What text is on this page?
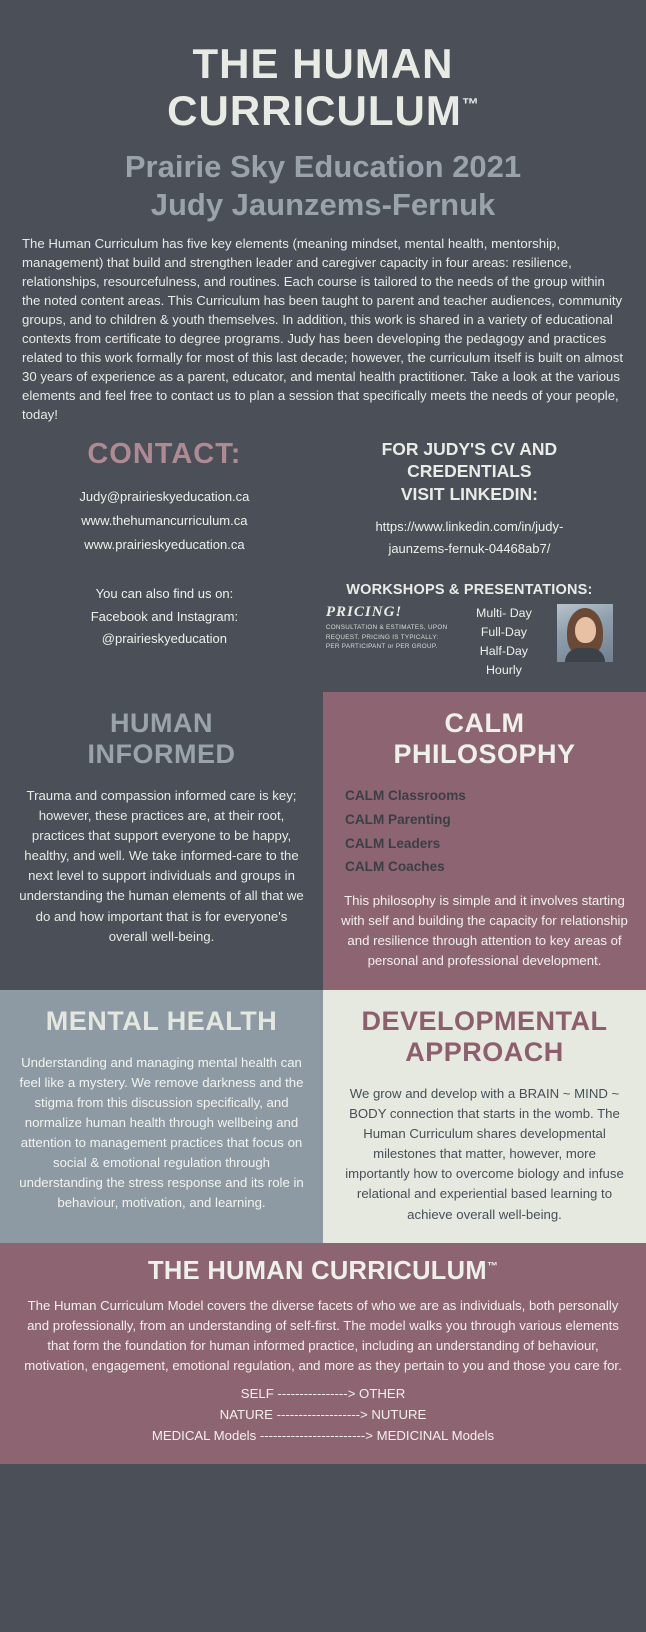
THE HUMAN
CURRICULUM™
Prairie Sky Education 2021
Judy Jaunzems-Fernuk
The Human Curriculum has five key elements (meaning mindset, mental health, mentorship, management) that build and strengthen leader and caregiver capacity in four areas: resilience, relationships, resourcefulness, and routines. Each course is tailored to the needs of the group within the noted content areas. This Curriculum has been taught to parent and teacher audiences, community groups, and to children & youth themselves. In addition, this work is shared in a variety of educational contexts from certificate to degree programs. Judy has been developing the pedagogy and practices related to this work formally for most of this last decade; however, the curriculum itself is built on almost 30 years of experience as a parent, educator, and mental health practitioner. Take a look at the various elements and feel free to contact us to plan a session that specifically meets the needs of your people, today!
CONTACT:
Judy@prairieskyeducation.ca
www.thehumancurriculum.ca
www.prairieskyeducation.ca
You can also find us on:
Facebook and Instagram:
@prairieskyeducation
FOR JUDY'S CV AND
CREDENTIALS
VISIT LINKEDIN:
https://www.linkedin.com/in/judy-
jaunzems-fernuk-04468ab7/
WORKSHOPS & PRESENTATIONS:
PRICING!
CONSULTATION & ESTIMATES, UPON REQUEST. PRICING IS TYPICALLY: PER PARTICIPANT or PER GROUP.
Multi- Day
Full-Day
Half-Day
Hourly
HUMAN
INFORMED
Trauma and compassion informed care is key; however, these practices are, at their root, practices that support everyone to be happy, healthy, and well. We take informed-care to the next level to support individuals and groups in understanding the human elements of all that we do and how important that is for everyone's overall well-being.
CALM
PHILOSOPHY
CALM Classrooms
CALM Parenting
CALM Leaders
CALM Coaches
This philosophy is simple and it involves starting with self and building the capacity for relationship and resilience through attention to key areas of personal and professional development.
MENTAL HEALTH
Understanding and managing mental health can feel like a mystery. We remove darkness and the stigma from this discussion specifically, and normalize human health through wellbeing and attention to management practices that focus on social & emotional regulation through understanding the stress response and its role in behaviour, motivation, and learning.
DEVELOPMENTAL
APPROACH
We grow and develop with a BRAIN ~ MIND ~ BODY connection that starts in the womb. The Human Curriculum shares developmental milestones that matter, however, more importantly how to overcome biology and infuse relational and experiential based learning to achieve overall well-being.
THE HUMAN CURRICULUM™
The Human Curriculum Model covers the diverse facets of who we are as individuals, both personally and professionally, from an understanding of self-first. The model walks you through various elements that form the foundation for human informed practice, including an understanding of behaviour, motivation, engagement, emotional regulation, and more as they pertain to you and those you care for.
SELF ----------------> OTHER
NATURE -------------------> NUTURE
MEDICAL Models ------------------------> MEDICINAL Models
